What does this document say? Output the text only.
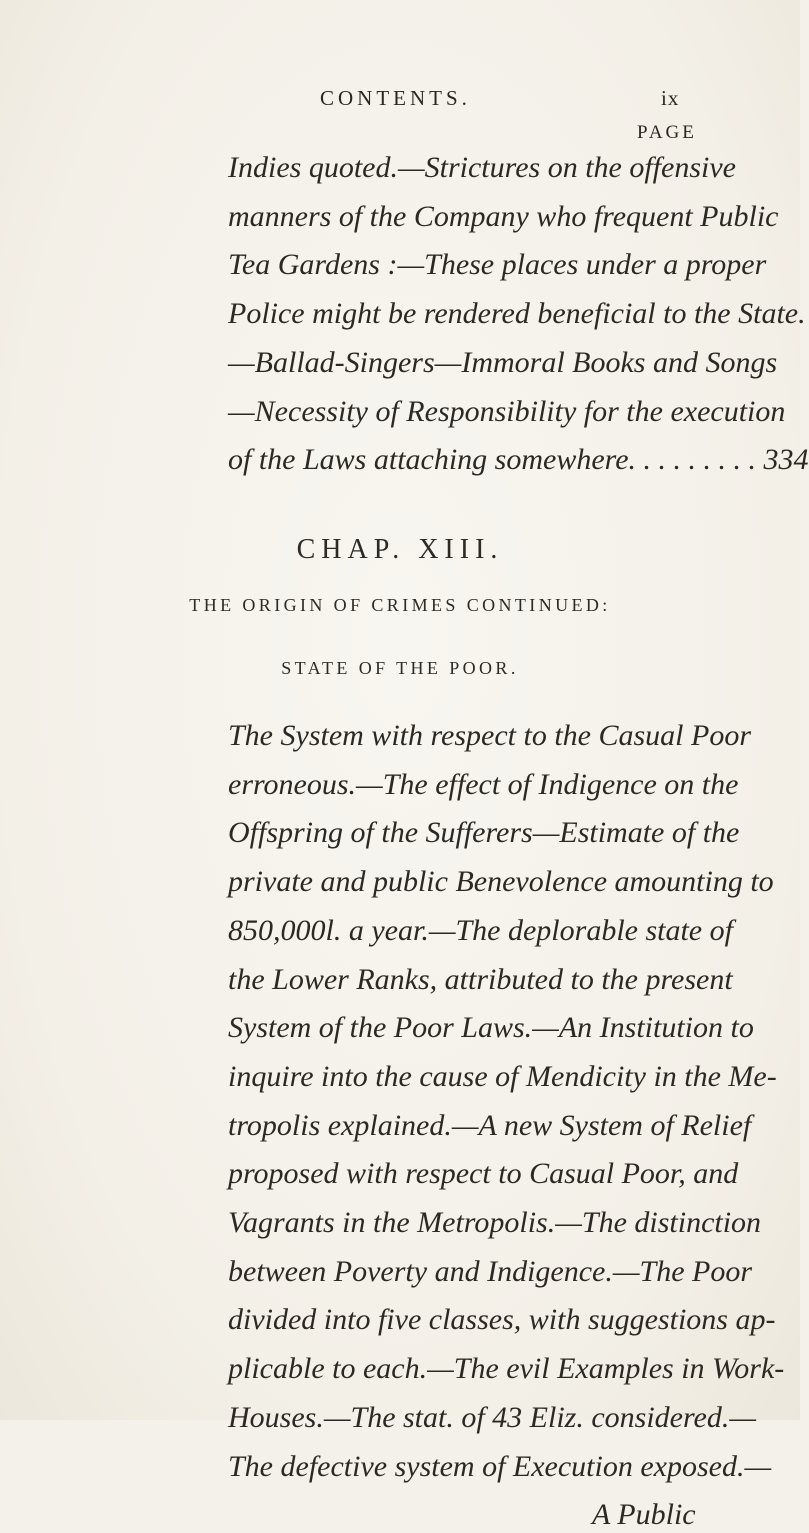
CONTENTS.	ix
PAGE
Indies quoted.—Strictures on the offensive
manners of the Company who frequent Public
Tea Gardens :—These places under a proper
Police might be rendered beneficial to the State.
—Ballad-Singers—Immoral Books and Songs
—Necessity of Responsibility for the execution
of the Laws attaching somewhere. . . . . . . . . 334
CHAP. XIII.
THE ORIGIN OF CRIMES CONTINUED:
STATE OF THE POOR.
The System with respect to the Casual Poor
erroneous.—The effect of Indigence on the
Offspring of the Sufferers—Estimate of the
private and public Benevolence amounting to
850,000l. a year.—The deplorable state of
the Lower Ranks, attributed to the present
System of the Poor Laws.—An Institution to
inquire into the cause of Mendicity in the Me-
tropolis explained.—A new System of Relief
proposed with respect to Casual Poor, and
Vagrants in the Metropolis.—The distinction
between Poverty and Indigence.—The Poor
divided into five classes, with suggestions ap-
plicable to each.—The evil Examples in Work-
Houses.—The stat. of 43 Eliz. considered.—
The defective system of Execution exposed.—
A Public
